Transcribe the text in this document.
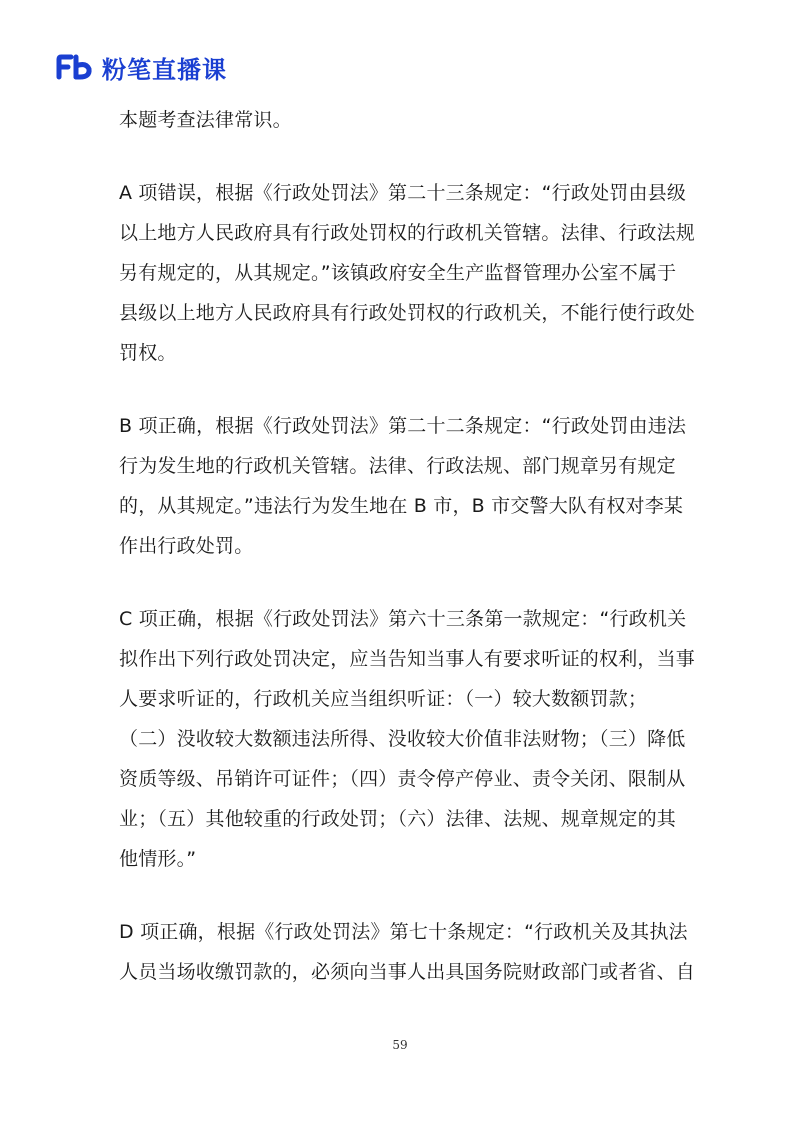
粉笔直播课

本题考查法律常识。

A 项错误，根据《行政处罚法》第二十三条规定：“行政处罚由县级
以上地方人民政府具有行政处罚权的行政机关管辖。法律、行政法规
另有规定的，从其规定。”该镇政府安全生产监督管理办公室不属于
县级以上地方人民政府具有行政处罚权的行政机关，不能行使行政处
罚权。

B 项正确，根据《行政处罚法》第二十二条规定：“行政处罚由违法
行为发生地的行政机关管辖。法律、行政法规、部门规章另有规定
的，从其规定。”违法行为发生地在 B 市，B 市交警大队有权对李某
作出行政处罚。

C 项正确，根据《行政处罚法》第六十三条第一款规定：“行政机关
拟作出下列行政处罚决定，应当告知当事人有要求听证的权利，当事
人要求听证的，行政机关应当组织听证：（一）较大数额罚款；
（二）没收较大数额违法所得、没收较大价值非法财物；（三）降低
资质等级、吊销许可证件；（四）责令停产停业、责令关闭、限制从
业；（五）其他较重的行政处罚；（六）法律、法规、规章规定的其
他情形。”

D 项正确，根据《行政处罚法》第七十条规定：“行政机关及其执法
人员当场收缴罚款的，必须向当事人出具国务院财政部门或者省、自

59
